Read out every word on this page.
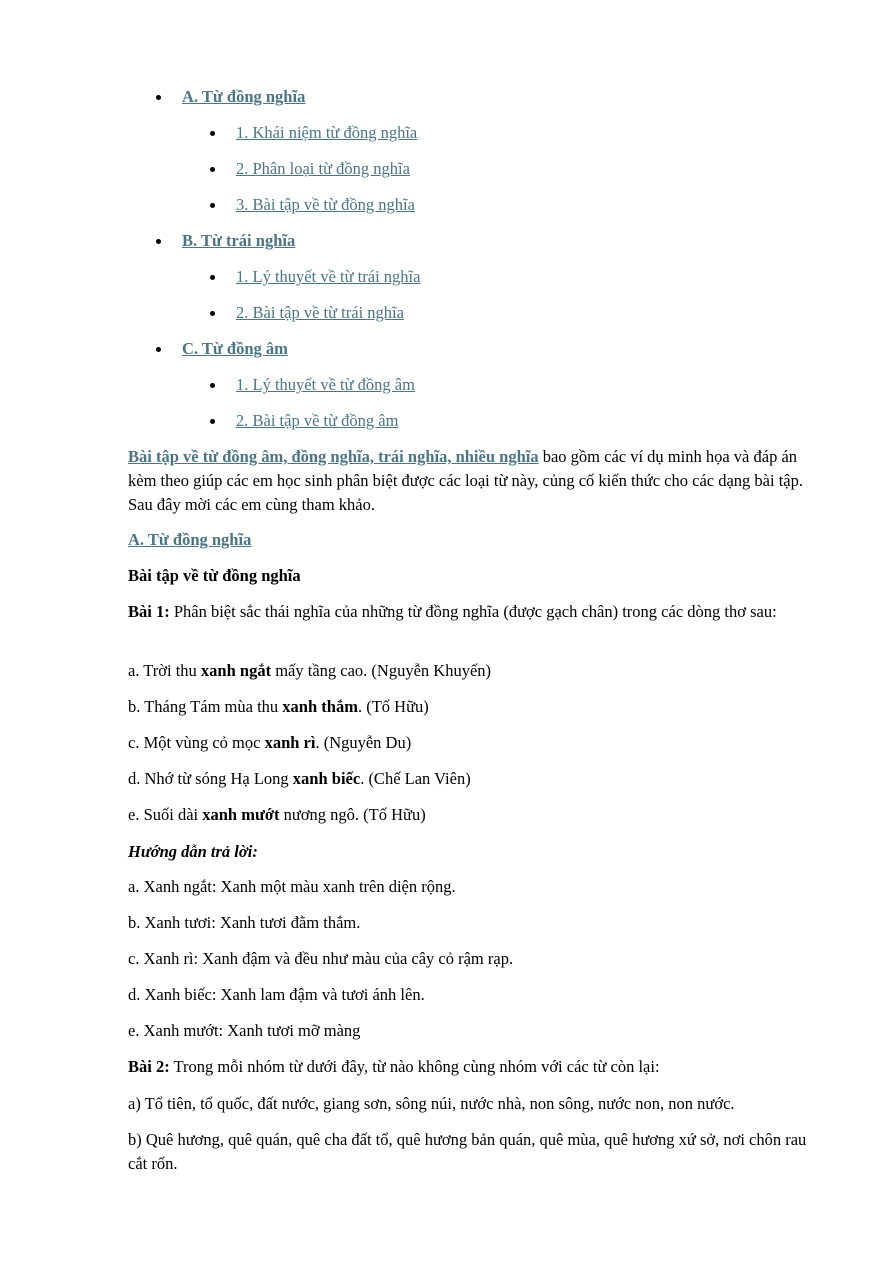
A. Từ đồng nghĩa
1. Khái niệm từ đồng nghĩa
2. Phân loại từ đồng nghĩa
3. Bài tập về từ đồng nghĩa
B. Từ trái nghĩa
1. Lý thuyết về từ trái nghĩa
2. Bài tập về từ trái nghĩa
C. Từ đồng âm
1. Lý thuyết về từ đồng âm
2. Bài tập về từ đồng âm
Bài tập về từ đồng âm, đồng nghĩa, trái nghĩa, nhiều nghĩa bao gồm các ví dụ minh họa và đáp án kèm theo giúp các em học sinh phân biệt được các loại từ này, củng cố kiến thức cho các dạng bài tập. Sau đây mời các em cùng tham khảo.
A. Từ đồng nghĩa
Bài tập về từ đồng nghĩa
Bài 1: Phân biệt sắc thái nghĩa của những từ đồng nghĩa (được gạch chân) trong các dòng thơ sau:
a. Trời thu xanh ngắt mấy tầng cao. (Nguyễn Khuyến)
b. Tháng Tám mùa thu xanh thắm. (Tố Hữu)
c. Một vùng cỏ mọc xanh rì. (Nguyễn Du)
d. Nhớ từ sóng Hạ Long xanh biếc. (Chế Lan Viên)
e. Suối dài xanh mướt nương ngô. (Tố Hữu)
Hướng dẫn trả lời:
a. Xanh ngắt: Xanh một màu xanh trên diện rộng.
b. Xanh tươi: Xanh tươi đằm thắm.
c. Xanh rì: Xanh đậm và đều như màu của cây cỏ rậm rạp.
d. Xanh biếc: Xanh lam đậm và tươi ánh lên.
e. Xanh mướt: Xanh tươi mỡ màng
Bài 2: Trong mỗi nhóm từ dưới đây, từ nào không cùng nhóm với các từ còn lại:
a) Tổ tiên, tổ quốc, đất nước, giang sơn, sông núi, nước nhà, non sông, nước non, non nước.
b) Quê hương, quê quán, quê cha đất tổ, quê hương bản quán, quê mùa, quê hương xứ sở, nơi chôn rau cắt rốn.
